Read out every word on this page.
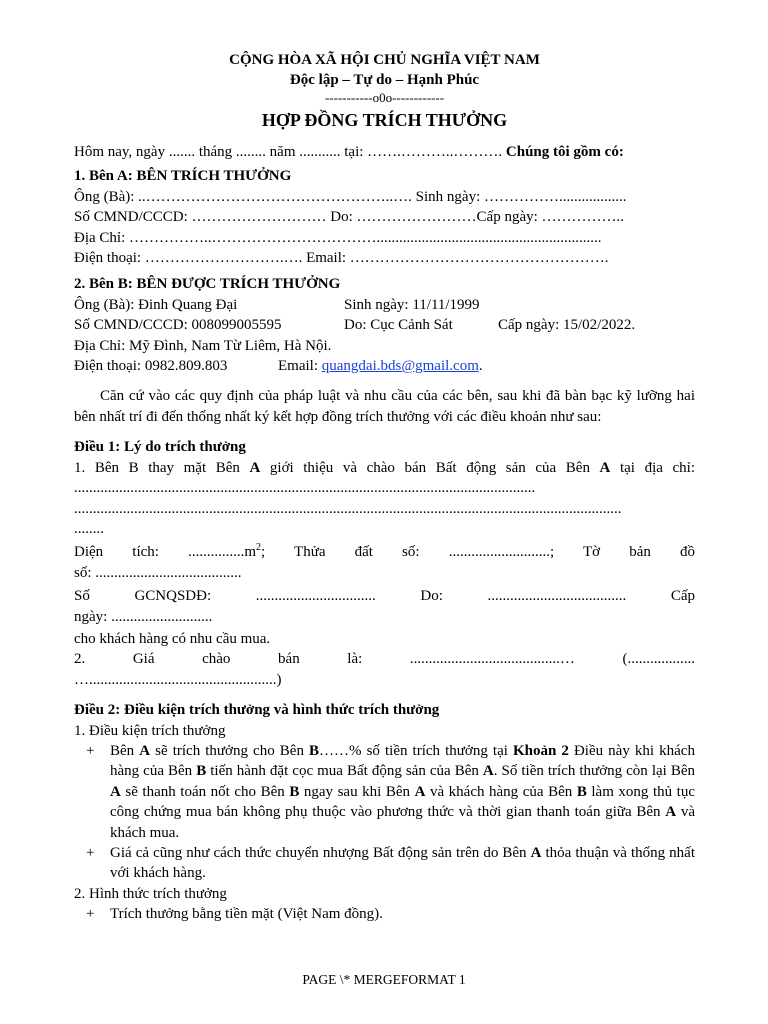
CỘNG HÒA XÃ HỘI CHỦ NGHĨA VIỆT NAM
Độc lập – Tự do – Hạnh Phúc
-----------o0o------------
HỢP ĐỒNG TRÍCH THƯỞNG
Hôm nay, ngày ....... tháng ........ năm ........... tại: …….………..………. Chúng tôi gồm có:
1. Bên A: BÊN TRÍCH THƯỞNG
Ông (Bà): ..…………………………………………..…. Sinh ngày: ……………..................
Số CMND/CCCD: ……………………… Do: ……………………Cấp ngày: ……………..
Địa Chỉ: ……………..……………………………............................................................
Điện thoại: ……………………….…. Email: …………………………………………….
2. Bên B: BÊN ĐƯỢC TRÍCH THƯỞNG
Ông (Bà): Đinh Quang Đại	Sinh ngày: 11/11/1999
Số CMND/CCCD: 008099005595	Do: Cục Cảnh Sát	Cấp ngày: 15/02/2022.
Địa Chỉ: Mỹ Đình, Nam Từ Liêm, Hà Nội.
Điện thoại: 0982.809.803	Email: quangdai.bds@gmail.com.
Căn cứ vào các quy định của pháp luật và nhu cầu của các bên, sau khi đã bàn bạc kỹ lưỡng hai bên nhất trí đi đến thống nhất ký kết hợp đồng trích thưởng với các điều khoản như sau:
Điều 1: Lý do trích thưởng
1. Bên B thay mặt Bên A giới thiệu và chào bán Bất động sản của Bên A tại địa chỉ: ...........................................................................................................................
..................................................................................................................................................
........
Diện tích: $...............m^2$; Thửa đất số: ...........................; Tờ bản đồ
số: .......................................
Số GCNQSDĐ: ................................ Do: ..................................... Cấp
ngày: ...........................
cho khách hàng có nhu cầu mua.
2. Giá chào bán là: ........................................… (..................
…..................................................)
Điều 2: Điều kiện trích thưởng và hình thức trích thưởng
1. Điều kiện trích thưởng
+ Bên A sẽ trích thưởng cho Bên B……% số tiền trích thưởng tại Khoản 2 Điều này khi khách hàng của Bên B tiến hành đặt cọc mua Bất động sản của Bên A. Số tiền trích thưởng còn lại Bên A sẽ thanh toán nốt cho Bên B ngay sau khi Bên A và khách hàng của Bên B làm xong thủ tục công chứng mua bán không phụ thuộc vào phương thức và thời gian thanh toán giữa Bên A và khách mua.
+ Giá cả cũng như cách thức chuyển nhượng Bất động sản trên do Bên A thỏa thuận và thống nhất với khách hàng.
2. Hình thức trích thưởng
+ Trích thưởng bằng tiền mặt (Việt Nam đồng).
PAGE \* MERGEFORMAT 1
